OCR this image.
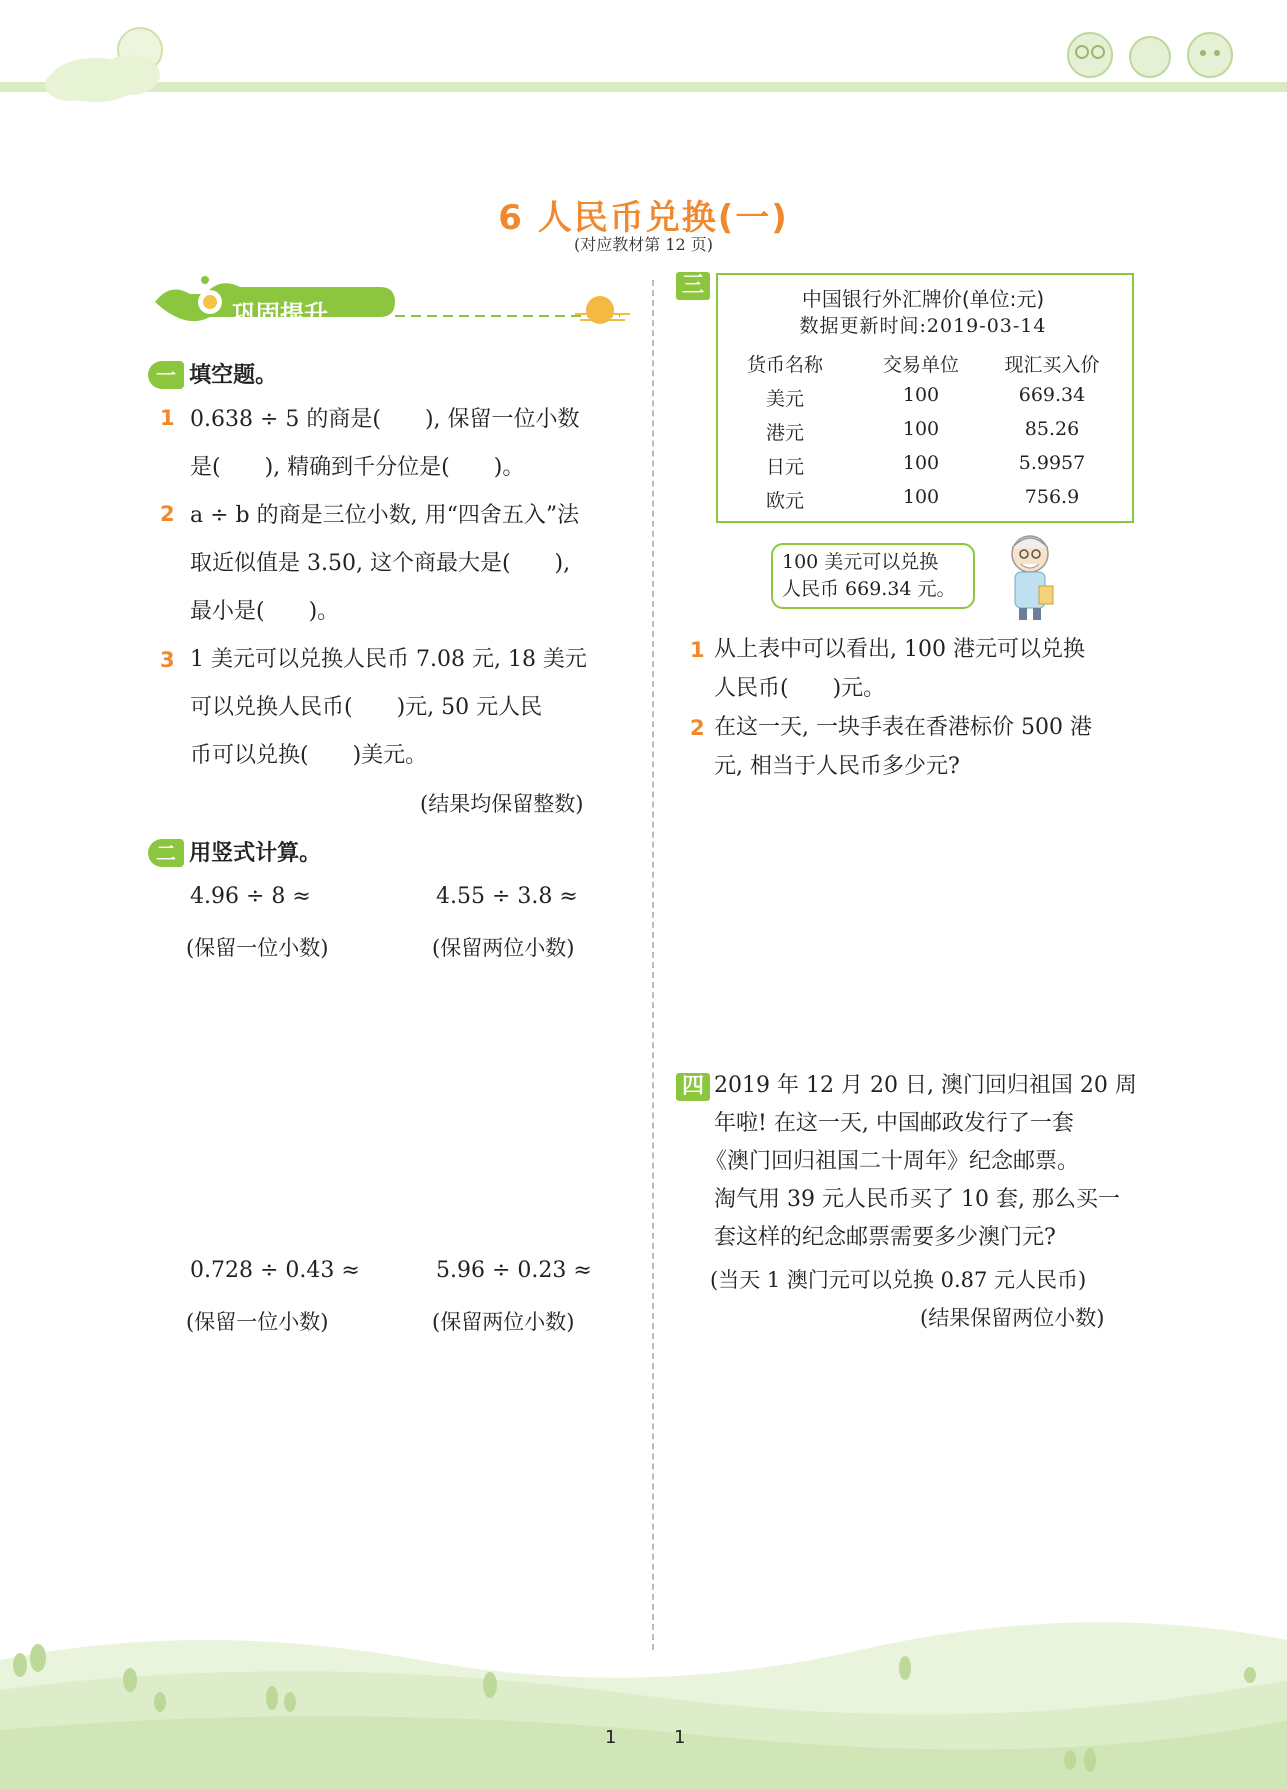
6 人民币兑换(一)
(对应教材第 12 页)
巩固提升
一 填空题。
1 0.638 ÷ 5 的商是(　　), 保留一位小数
是(　　), 精确到千分位是(　　)。
2 a ÷ b 的商是三位小数, 用“四舍五入”法
取近似值是 3.50, 这个商最大是(　　),
最小是(　　)。
3 1 美元可以兑换人民币 7.08 元, 18 美元
可以兑换人民币(　　)元, 50 元人民
币可以兑换(　　)美元。
(结果均保留整数)
二 用竖式计算。
4.96 ÷ 8 ≈
(保留一位小数)
4.55 ÷ 3.8 ≈
(保留两位小数)
0.728 ÷ 0.43 ≈
(保留一位小数)
5.96 ÷ 0.23 ≈
(保留两位小数)
三
中国银行外汇牌价(单位:元)
数据更新时间:2019-03-14
货币名称	交易单位	现汇买入价
美元	100	669.34
港元	100	85.26
日元	100	5.9957
欧元	100	756.9
100 美元可以兑换
人民币 669.34 元。
1 从上表中可以看出, 100 港元可以兑换
人民币(　　)元。
2 在这一天, 一块手表在香港标价 500 港
元, 相当于人民币多少元?
四 2019 年 12 月 20 日, 澳门回归祖国 20 周
年啦! 在这一天, 中国邮政发行了一套
《澳门回归祖国二十周年》纪念邮票。
淘气用 39 元人民币买了 10 套, 那么买一
套这样的纪念邮票需要多少澳门元?
(当天 1 澳门元可以兑换 0.87 元人民币)
(结果保留两位小数)
1	1
